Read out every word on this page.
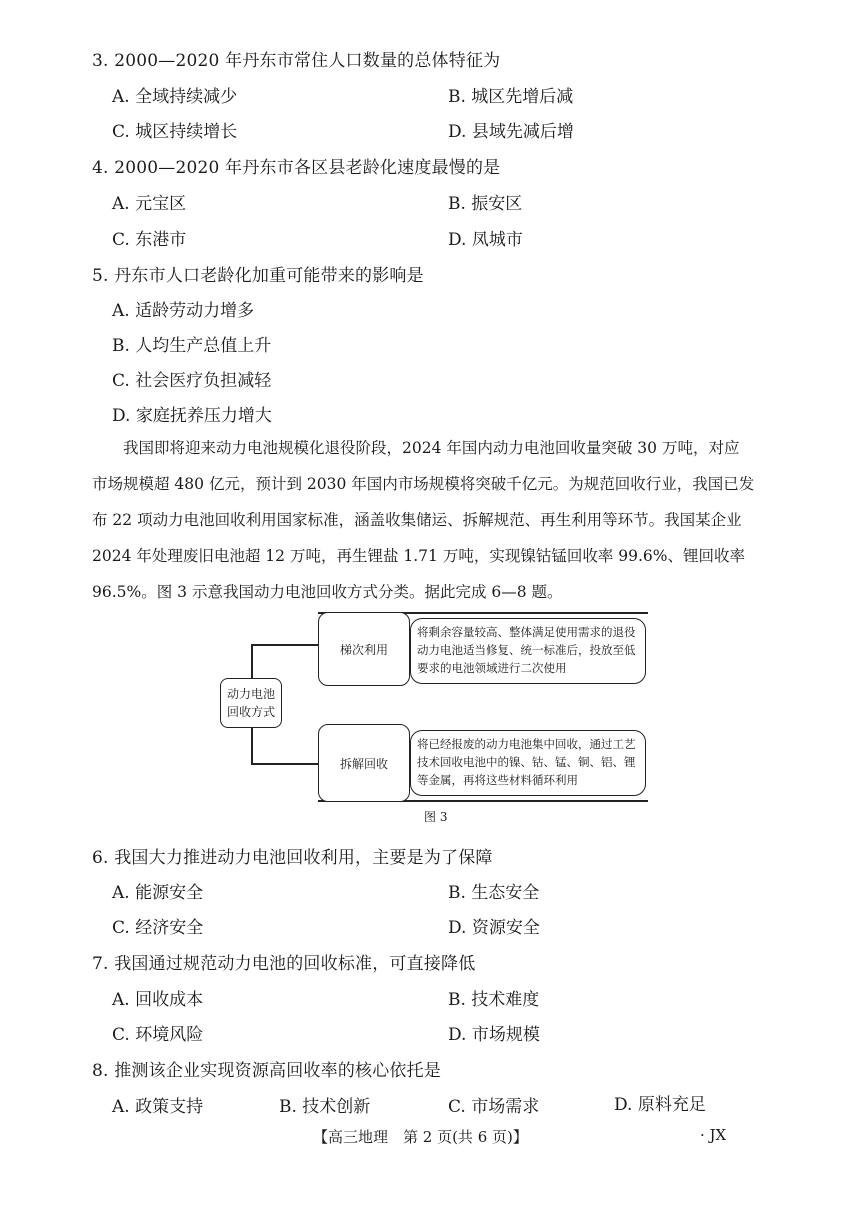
3. 2000—2020 年丹东市常住人口数量的总体特征为
A. 全域持续减少	B. 城区先增后减
C. 城区持续增长	D. 县域先减后增
4. 2000—2020 年丹东市各区县老龄化速度最慢的是
A. 元宝区	B. 振安区
C. 东港市	D. 凤城市
5. 丹东市人口老龄化加重可能带来的影响是
A. 适龄劳动力增多
B. 人均生产总值上升
C. 社会医疗负担减轻
D. 家庭抚养压力增大

我国即将迎来动力电池规模化退役阶段，2024 年国内动力电池回收量突破 30 万吨，对应

市场规模超 480 亿元，预计到 2030 年国内市场规模将突破千亿元。为规范回收行业，我国已发

布 22 项动力电池回收利用国家标准，涵盖收集储运、拆解规范、再生利用等环节。我国某企业

2024 年处理废旧电池超 12 万吨，再生锂盐 1.71 万吨，实现镍钴锰回收率 99.6%、锂回收率

96.5%。图 3 示意我国动力电池回收方式分类。据此完成 6—8 题。

动力电池
回收方式
梯次利用
将剩余容量较高、整体满足使用需求的退役动力电池适当修复、统一标准后，投放至低要求的电池领域进行二次使用
拆解回收
将已经报废的动力电池集中回收，通过工艺技术回收电池中的镍、钴、锰、铜、铝、锂等金属，再将这些材料循环利用
图 3
6. 我国大力推进动力电池回收利用，主要是为了保障
A. 能源安全	B. 生态安全
C. 经济安全	D. 资源安全
7. 我国通过规范动力电池的回收标准，可直接降低
A. 回收成本	B. 技术难度
C. 环境风险	D. 市场规模
8. 推测该企业实现资源高回收率的核心依托是
A. 政策支持	B. 技术创新	C. 市场需求	D. 原料充足
【高三地理　第 2 页(共 6 页)】	· JX
